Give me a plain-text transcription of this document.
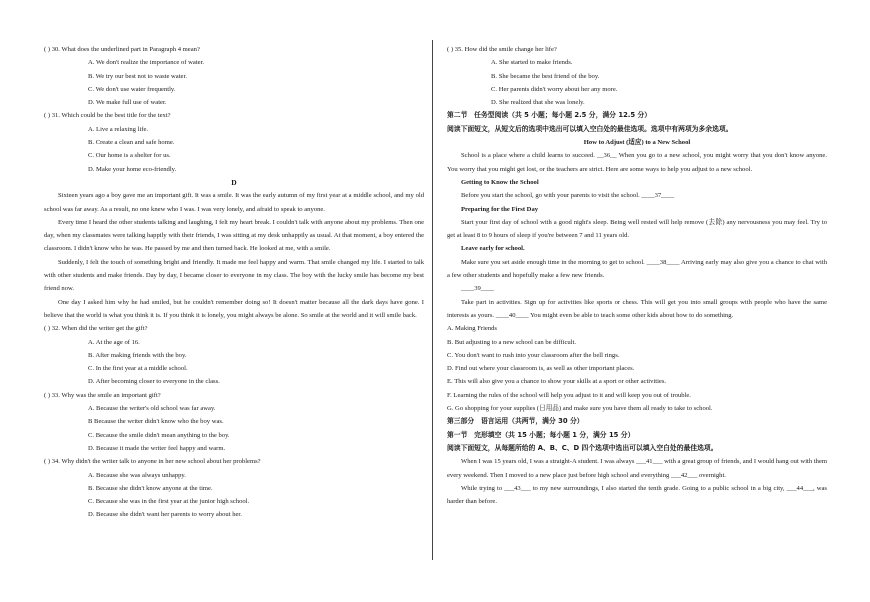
( ) 30. What does the underlined part in Paragraph 4 mean?
A. We don't realize the importance of water.
B. We try our best not to waste water.
C. We don't use water frequently.
D. We make full use of water.
( ) 31. Which could be the best title for the text?
A. Live a relaxing life.
B. Create a clean and safe home.
C. Our home is a shelter for us.
D. Make your home eco-friendly.
D
Sixteen years ago a boy gave me an important gift. It was a smile. It was the early autumn of my first year at a middle school, and my old school was far away. As a result, no one knew who I was. I was very lonely, and afraid to speak to anyone.
Every time I heard the other students talking and laughing, I felt my heart break. I couldn't talk with anyone about my problems. Then one day, when my classmates were talking happily with their friends, I was sitting at my desk unhappily as usual. At that moment, a boy entered the classroom. I didn't know who he was. He passed by me and then turned back. He looked at me, with a smile.
Suddenly, I felt the touch of something bright and friendly. It made me feel happy and warm. That smile changed my life. I started to talk with other students and make friends. Day by day, I became closer to everyone in my class. The boy with the lucky smile has become my best friend now.
One day I asked him why he had smiled, but he couldn't remember doing so! It doesn't matter because all the dark days have gone. I believe that the world is what you think it is. If you think it is lonely, you might always be alone. So smile at the world and it will smile back.
( ) 32. When did the writer get the gift?
A. At the age of 16.
B. After making friends with the boy.
C. In the first year at a middle school.
D. After becoming closer to everyone in the class.
( ) 33. Why was the smile an important gift?
A. Because the writer's old school was far away.
B Because the writer didn't know who the boy was.
C. Because the smile didn't mean anything to the boy.
D. Because it made the writer feel happy and warm.
( ) 34. Why didn't the writer talk to anyone in her new school about her problems?
A. Because she was always unhappy.
B. Because she didn't know anyone at the time.
C. Because she was in the first year at the junior high school.
D. Because she didn't want her parents to worry about her.
( ) 35. How did the smile change her life?
A. She started to make friends.
B. She became the best friend of the boy.
C. Her parents didn't worry about her any more.
D. She realized that she was lonely.
第二节　任务型阅读（共 5 小题；每小题 2.5 分，满分 12.5 分）
阅读下面短文，从短文后的选项中选出可以填入空白处的最佳选项。选项中有两项为多余选项。
How to Adjust (适应) to a New School
School is a place where a child learns to succeed. __36__ When you go to a new school, you might worry that you don't know anyone. You worry that you might get lost, or the teachers are strict. Here are some ways to help you adjust to a new school.
Getting to Know the School
Before you start the school, go with your parents to visit the school. ____37____
Preparing for the First Day
Start your first day of school with a good night's sleep. Being well rested will help remove (去除) any nervousness you may feel. Try to get at least 8 to 9 hours of sleep if you're between 7 and 11 years old.
Leave early for school.
Make sure you set aside enough time in the morning to get to school. ____38____ Arriving early may also give you a chance to chat with a few other students and hopefully make a few new friends.
____39____
Take part in activities. Sign up for activities like sports or chess. This will get you into small groups with people who have the same interests as yours. ____40____ You might even be able to teach some other kids about how to do something.
A. Making Friends
B. But adjusting to a new school can be difficult.
C. You don't want to rush into your classroom after the bell rings.
D. Find out where your classroom is, as well as other important places.
E. This will also give you a chance to show your skills at a sport or other activities.
F. Learning the rules of the school will help you adjust to it and will keep you out of trouble.
G. Go shopping for your supplies (日用品) and make sure you have them all ready to take to school.
第三部分　语言运用（共两节，满分 30 分）
第一节　完形填空（共 15 小题；每小题 1 分，满分 15 分）
阅读下面短文，从每题所给的 A、B、C、D 四个选项中选出可以填入空白处的最佳选项。
When I was 15 years old, I was a straight-A student. I was always ___41___ with a great group of friends, and I would hang out with them every weekend. Then I moved to a new place just before high school and everything ___42___ overnight.
While trying to ___43___ to my new surroundings, I also started the tenth grade. Going to a public school in a big city, ___44___, was harder than before.
